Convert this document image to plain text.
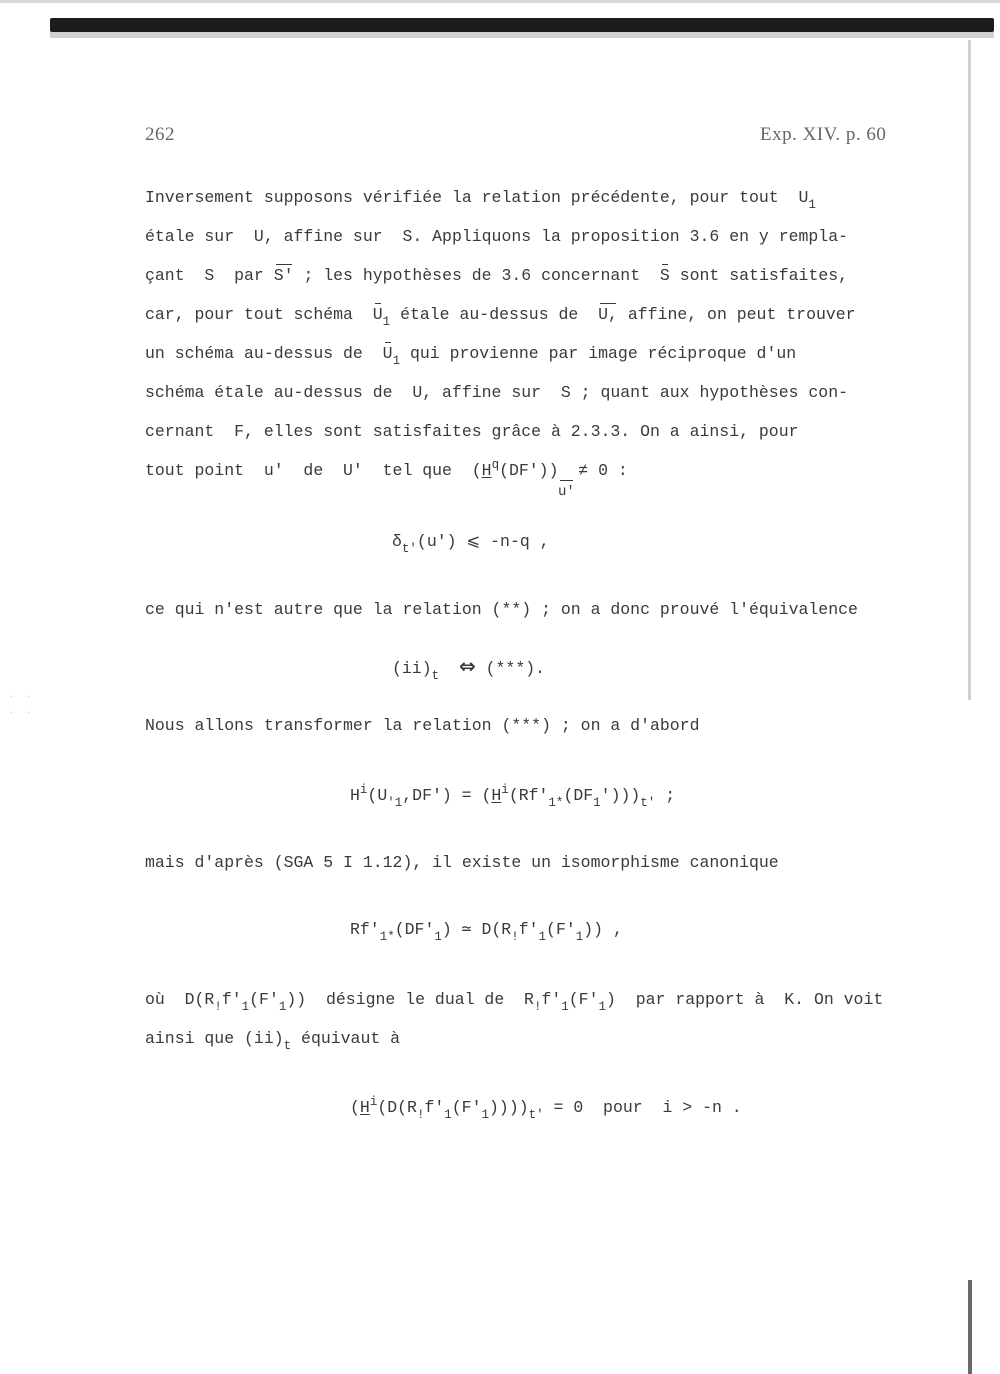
· ·
· ·
262	Exp. XIV. p. 60
Inversement supposons vérifiée la relation précédente, pour tout $U_1$
étale sur  U, affine sur  S. Appliquons la proposition 3.6 en y rempla-
çant  S  par S' ; les hypothèses de 3.6 concernant S sont satisfaites,
car, pour tout schéma $U_1$ étale au-dessus de U, affine, on peut trouver
un schéma au-dessus de $U_1$ qui provienne par image réciproque d'un
schéma étale au-dessus de  U, affine sur  S ; quant aux hypothèses con-
cernant  F, elles sont satisfaites grâce à 2.3.3. On a ainsi, pour
tout point  u'  de  U'  tel que  $(H^q(DF')) \ne 0$ :
u'
$\delta_{t'}(u')$ ⩽ -n-q ,
ce qui n'est autre que la relation (**) ; on a donc prouvé l'équivalence
$(ii)_t$ ⇔ (***).
Nous allons transformer la relation (***) ; on a d'abord
$H^i(U_{'1},DF') = (H^i(Rf'_{1*}(DF_1')))_{t'}$ ;
mais d'après (SGA 5 I 1.12), il existe un isomorphisme canonique
$Rf'_{1*}(DF'_1)$ ≃ $D(R_!f'_1(F'_1))$ ,
où  $D(R_!f'_1(F'_1))$  désigne le dual de  $R_!f'_1(F'_1)$  par rapport à  K. On voit
ainsi que $(ii)_t$ équivaut à
$(H^i(D(R_!f'_1(F'_1))))_{t'} = 0$  pour  i > -n .
